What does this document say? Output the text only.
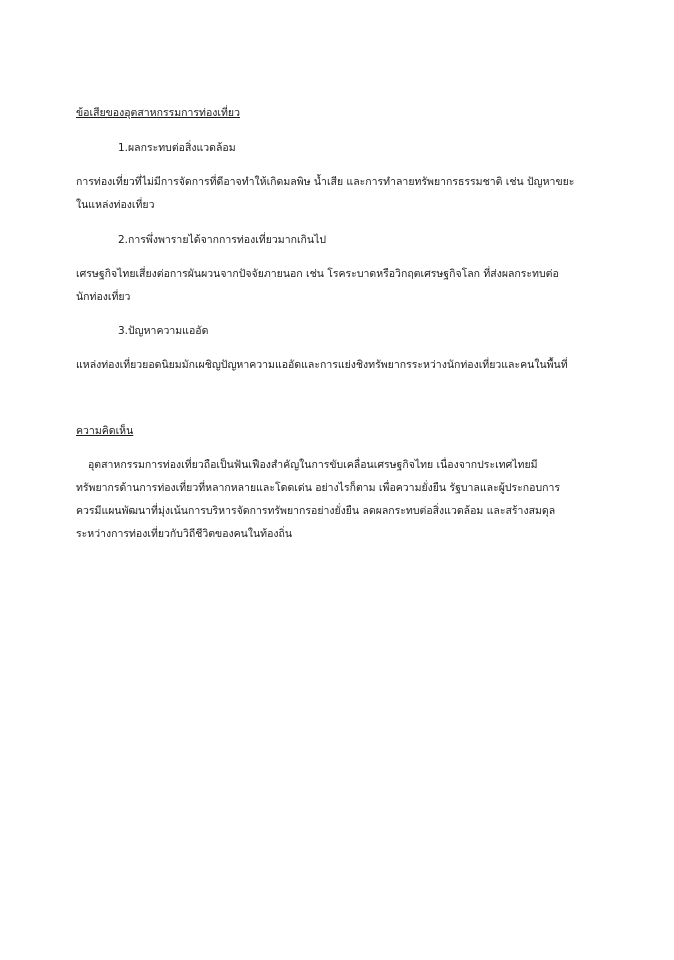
ข้อเสียของอุตสาหกรรมการท่องเที่ยว
1.ผลกระทบต่อสิ่งแวดล้อม
การท่องเที่ยวที่ไม่มีการจัดการที่ดีอาจทำให้เกิดมลพิษ น้ำเสีย และการทำลายทรัพยากรธรรมชาติ เช่น ปัญหาขยะ
ในแหล่งท่องเที่ยว
2.การพึ่งพารายได้จากการท่องเที่ยวมากเกินไป
เศรษฐกิจไทยเสี่ยงต่อการผันผวนจากปัจจัยภายนอก เช่น โรคระบาดหรือวิกฤตเศรษฐกิจโลก ที่ส่งผลกระทบต่อ
นักท่องเที่ยว
3.ปัญหาความแออัด
แหล่งท่องเที่ยวยอดนิยมมักเผชิญปัญหาความแออัดและการแย่งชิงทรัพยากรระหว่างนักท่องเที่ยวและคนในพื้นที่
ความคิดเห็น
อุตสาหกรรมการท่องเที่ยวถือเป็นฟันเฟืองสำคัญในการขับเคลื่อนเศรษฐกิจไทย เนื่องจากประเทศไทยมี
ทรัพยากรด้านการท่องเที่ยวที่หลากหลายและโดดเด่น อย่างไรก็ตาม เพื่อความยั่งยืน รัฐบาลและผู้ประกอบการ
ควรมีแผนพัฒนาที่มุ่งเน้นการบริหารจัดการทรัพยากรอย่างยั่งยืน ลดผลกระทบต่อสิ่งแวดล้อม และสร้างสมดุล
ระหว่างการท่องเที่ยวกับวิถีชีวิตของคนในท้องถิ่น
